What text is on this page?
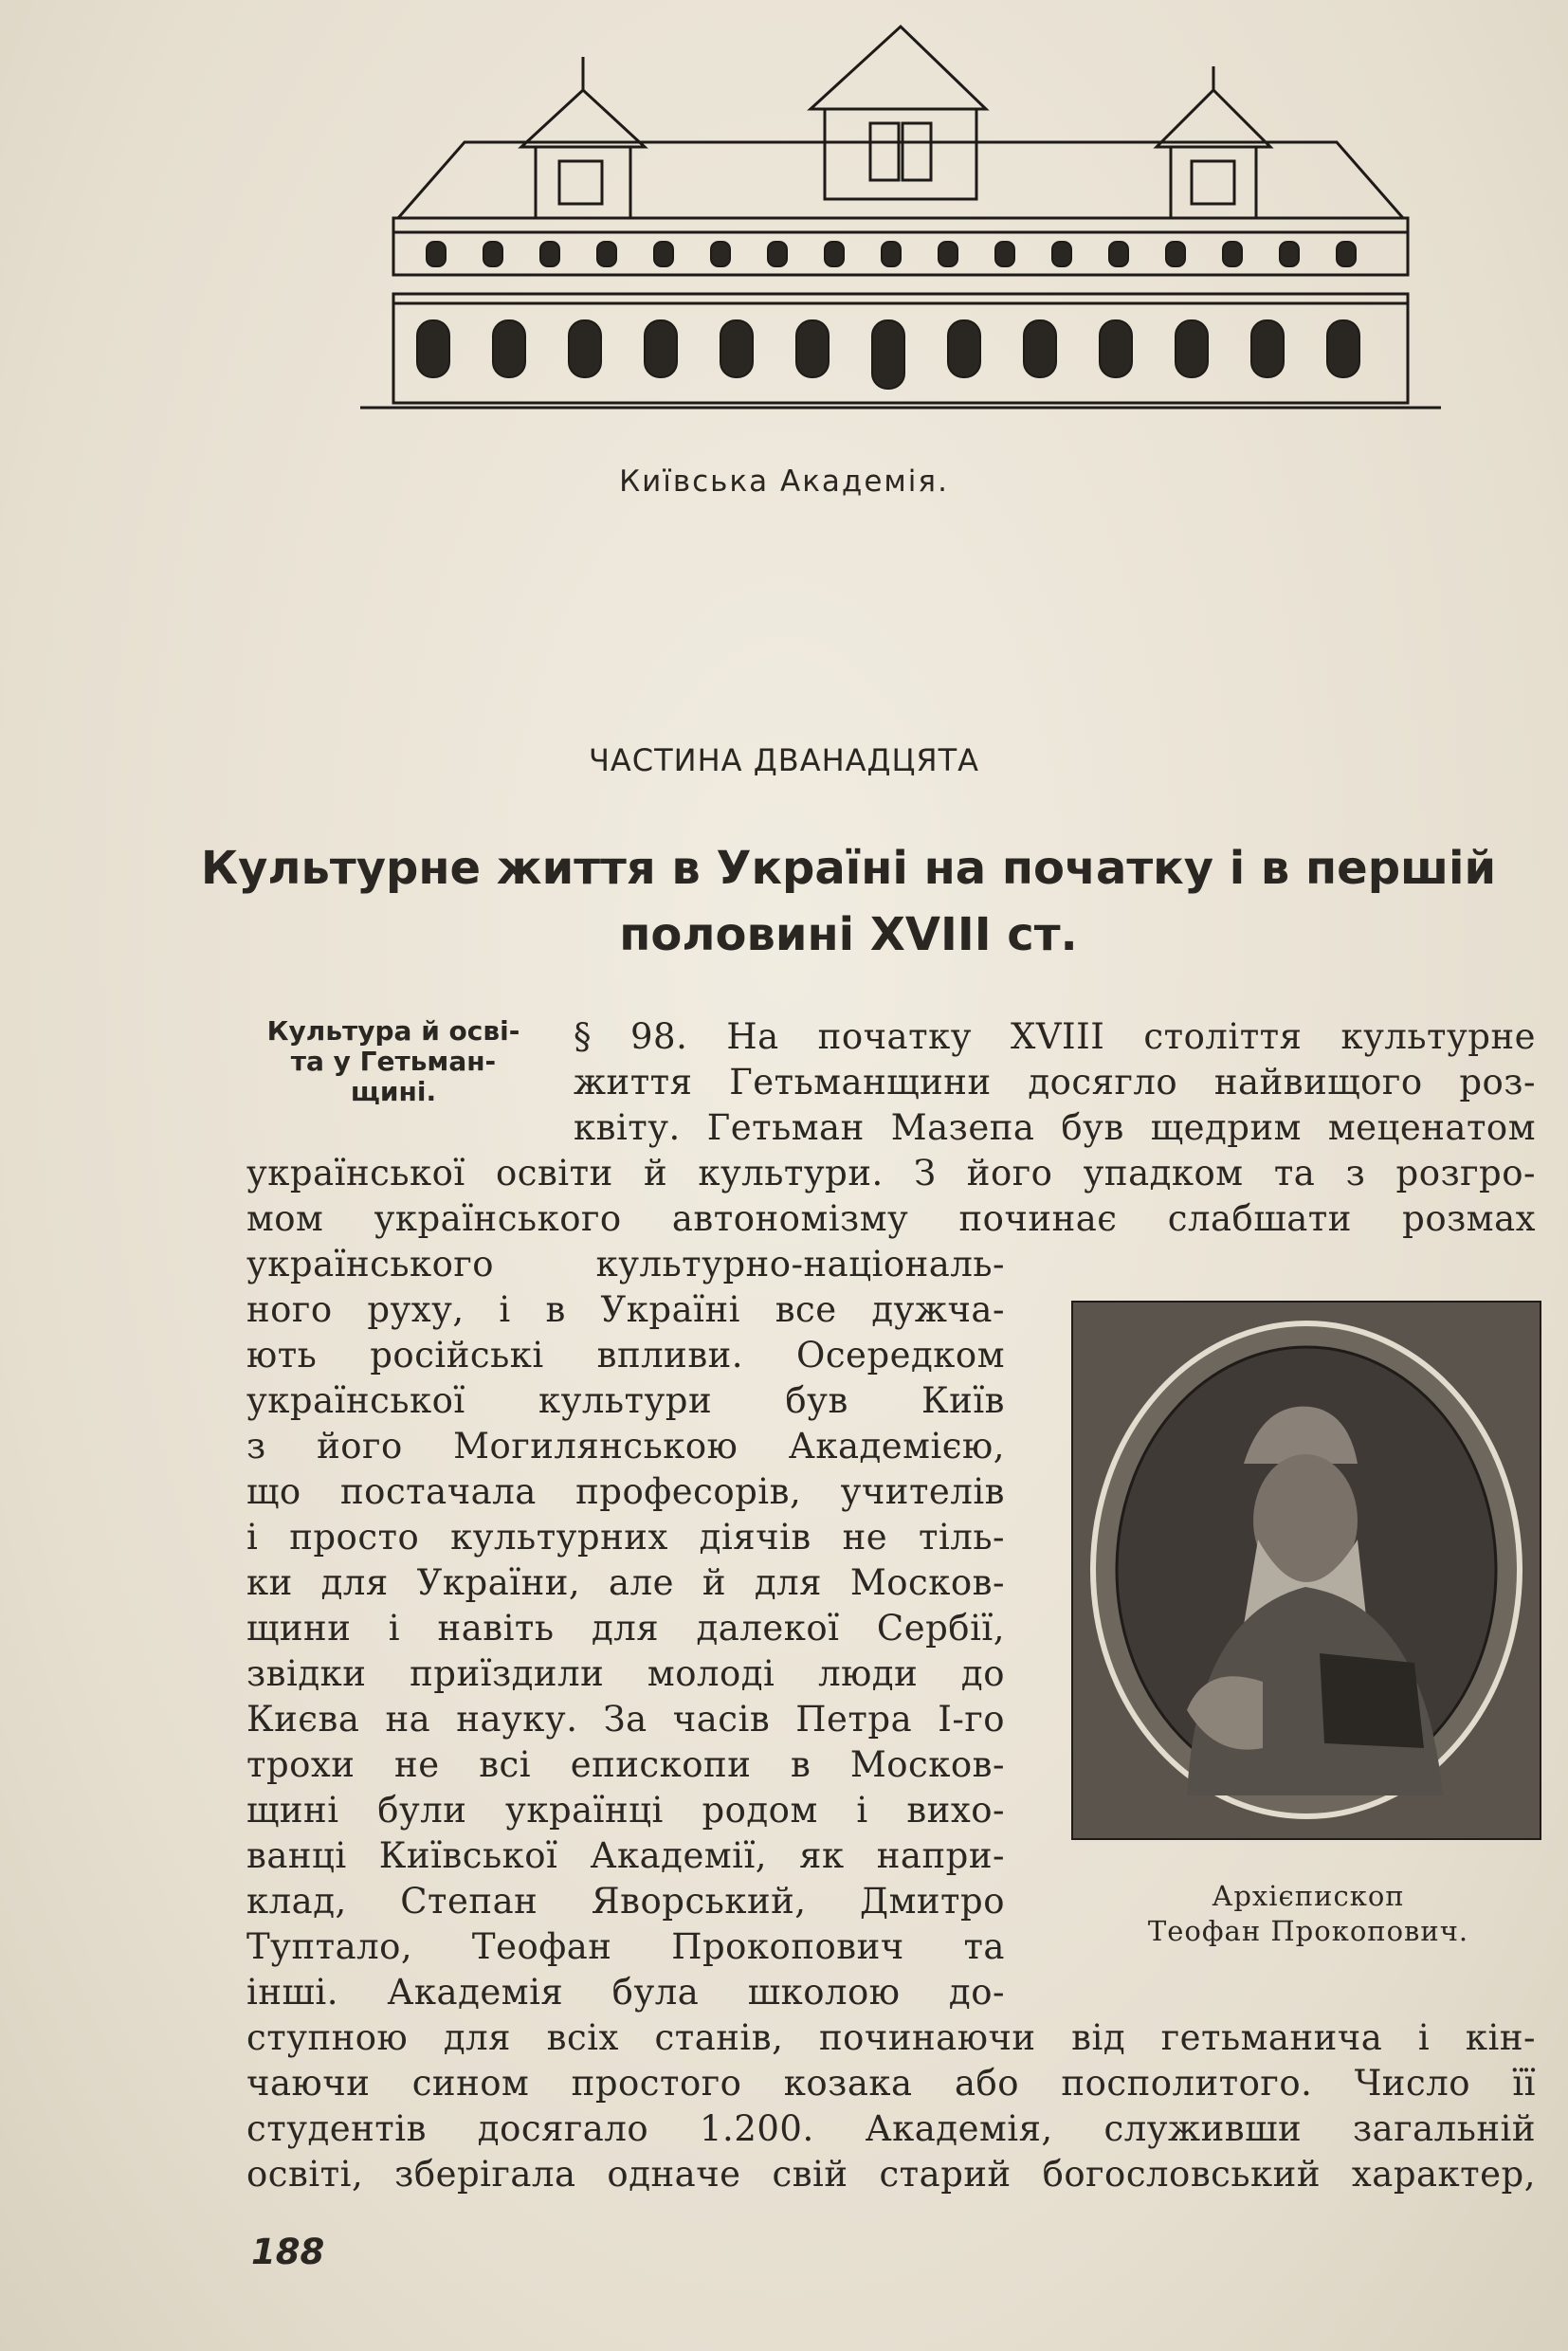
Київська Академія.
ЧАСТИНА ДВАНАДЦЯТА
Культурне життя в Україні на початку і в першій
половині XVIII ст.
Культура й осві-
та у Гетьман-
щині.
§ 98. На початку XVIII століття культурне
життя Гетьманщини досягло найвищого роз-
квіту. Гетьман Мазепа був щедрим меценатом
української освіти й культури. З його упадком та з розгро-
мом українського автономізму починає слабшати розмах
українського культурно-національ-
ного руху, і в Україні все дужча-
ють російські впливи. Осередком
української культури був Київ
з його Могилянською Академією,
що постачала професорів, учителів
і просто культурних діячів не тіль-
ки для України, але й для Москов-
щини і навіть для далекої Сербії,
звідки приїздили молоді люди до
Києва на науку. За часів Петра І-го
трохи не всі епископи в Москов-
щині були українці родом і вихо-
ванці Київської Академії, як напри-
клад, Степан Яворський, Дмитро
Туптало, Теофан Прокопович та
інші. Академія була школою до-
ступною для всіх станів, починаючи від гетьманича і кін-
чаючи сином простого козака або посполитого. Число її
студентів досягало 1.200. Академія, служивши загальній
освіті, зберігала одначе свій старий богословський характер,
Архієпископ
Теофан Прокопович.
188
